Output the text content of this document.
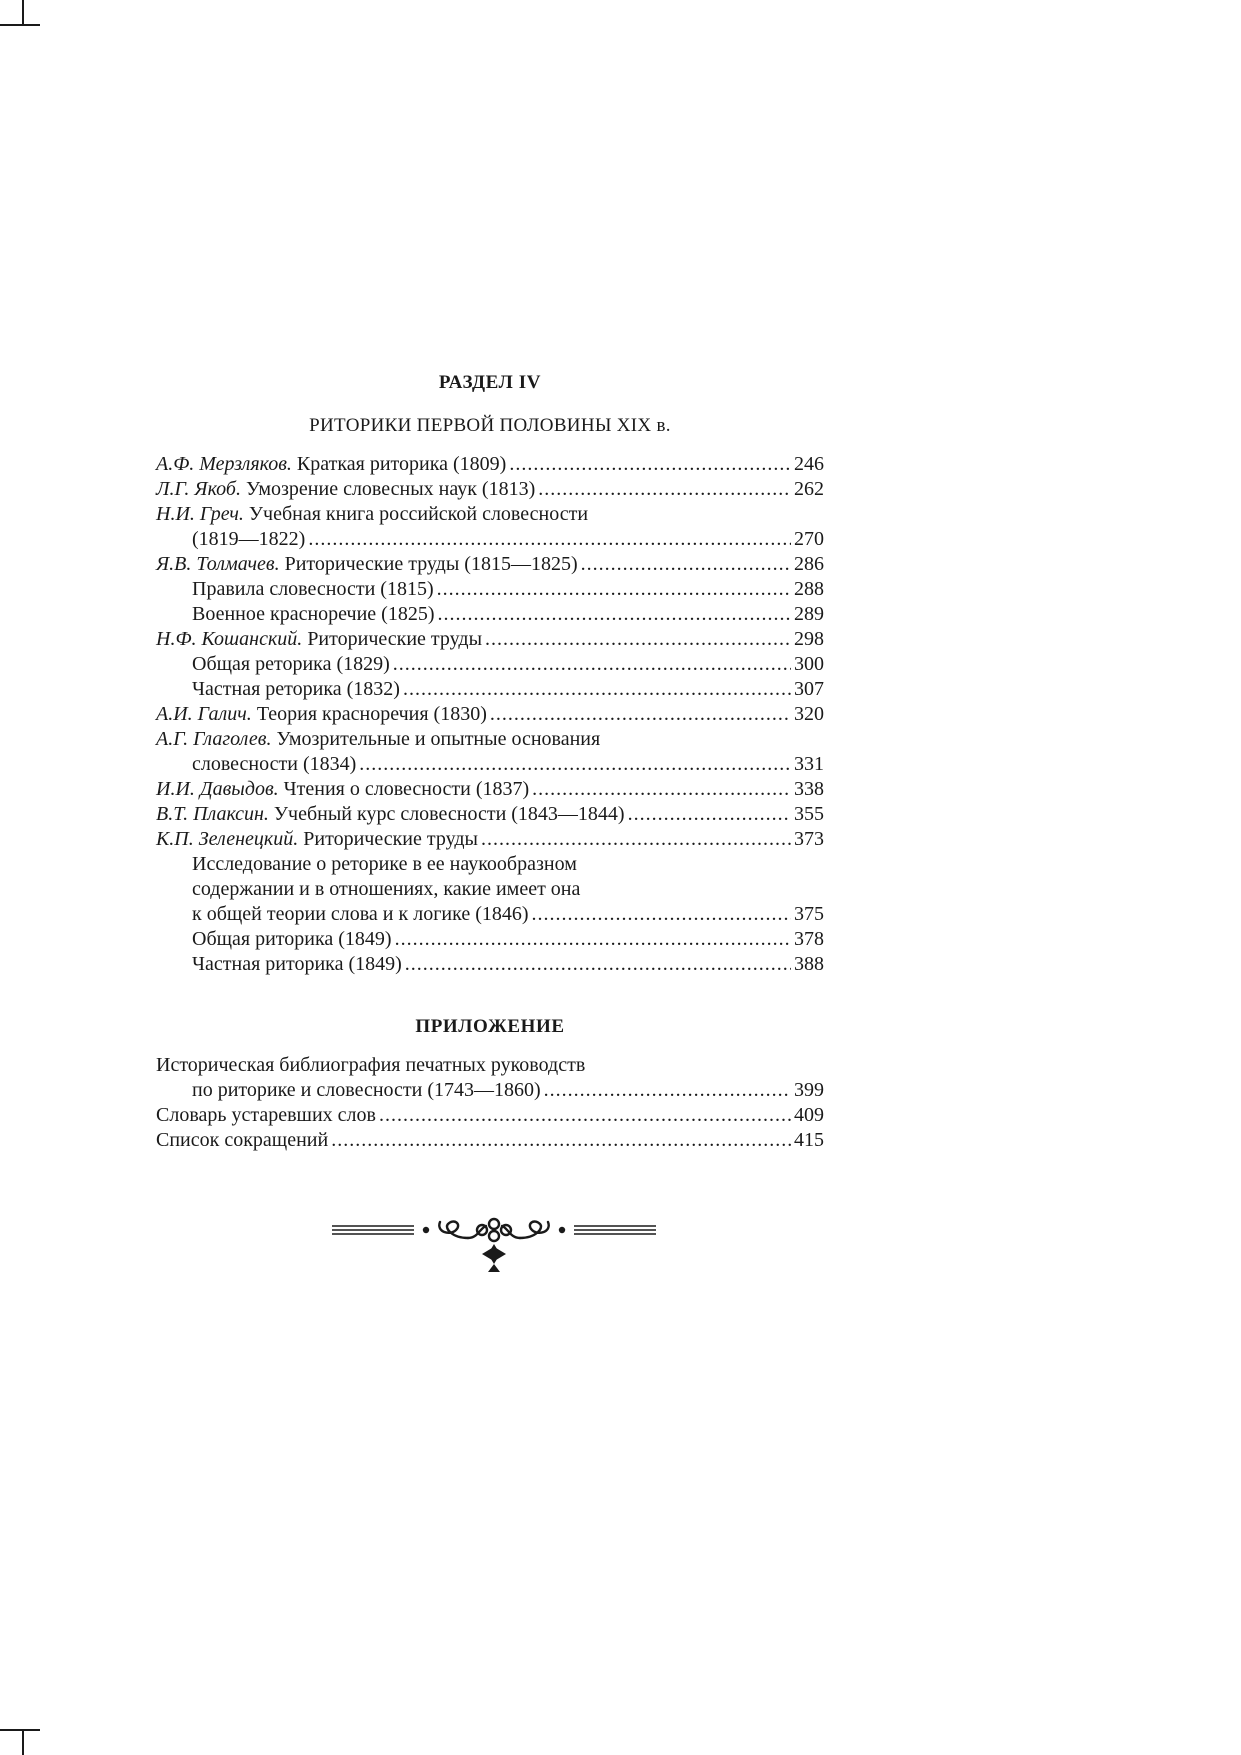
РАЗДЕЛ IV
РИТОРИКИ ПЕРВОЙ ПОЛОВИНЫ XIX в.
А.Ф. Мерзляков. Краткая риторика (1809) .....	246
Л.Г. Якоб. Умозрение словесных наук (1813) .....	262
Н.И. Греч. Учебная книга российской словесности
(1819—1822) .....	270
Я.В. Толмачев. Риторические труды (1815—1825) .....	286
Правила словесности (1815) .....	288
Военное красноречие (1825) .....	289
Н.Ф. Кошанский. Риторические труды .....	298
Общая реторика (1829) .....	300
Частная реторика (1832) .....	307
А.И. Галич. Теория красноречия (1830) .....	320
А.Г. Глаголев. Умозрительные и опытные основания
словесности (1834) .....	331
И.И. Давыдов. Чтения о словесности (1837) .....	338
В.Т. Плаксин. Учебный курс словесности (1843—1844) .....	355
К.П. Зеленецкий. Риторические труды .....	373
Исследование о реторике в ее наукообразном
содержании и в отношениях, какие имеет она
к общей теории слова и к логике (1846) .....	375
Общая риторика (1849) .....	378
Частная риторика (1849) .....	388
ПРИЛОЖЕНИЕ
Историческая библиография печатных руководств
по риторике и словесности (1743—1860) .....	399
Словарь устаревших слов .....	409
Список сокращений .....	415
